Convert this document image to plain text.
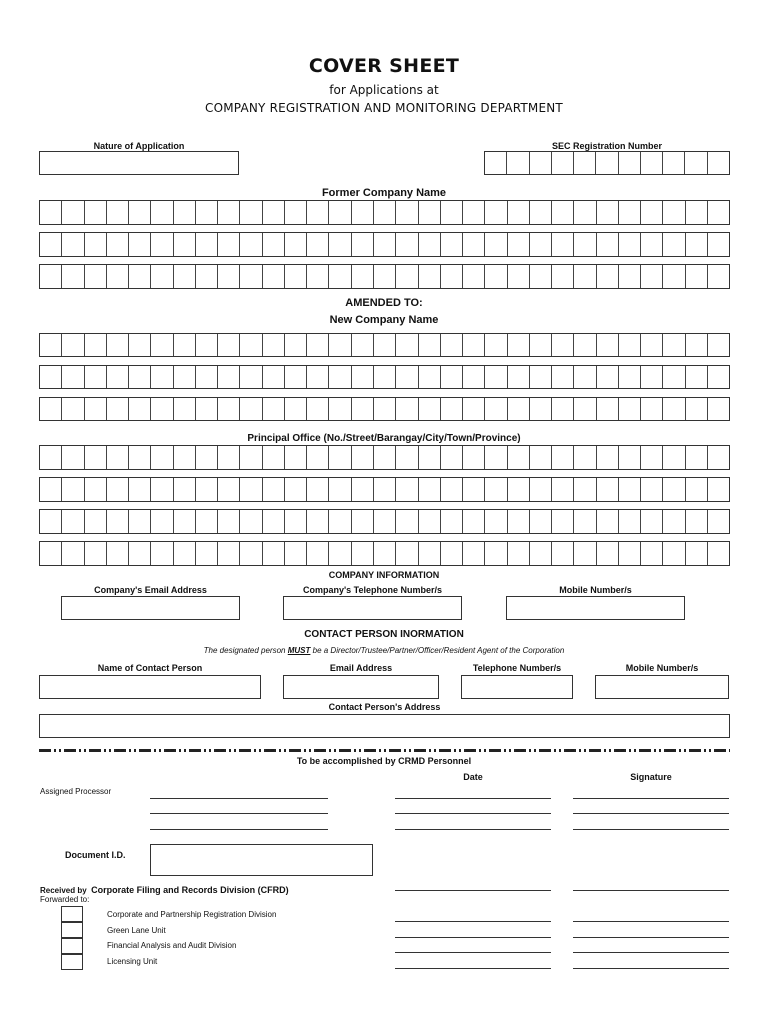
COVER SHEET
for Applications at
COMPANY REGISTRATION AND MONITORING DEPARTMENT
Nature of Application	SEC Registration Number
Former Company Name
AMENDED TO:
New Company Name
Principal Office (No./Street/Barangay/City/Town/Province)
COMPANY INFORMATION
Company's Email Address	Company's Telephone Number/s	Mobile Number/s
CONTACT PERSON INORMATION
The designated person MUST be a Director/Trustee/Partner/Officer/Resident Agent of the Corporation
Name of Contact Person	Email Address	Telephone Number/s	Mobile Number/s
Contact Person's Address
To be accomplished by CRMD Personnel
Date	Signature
Assigned Processor
Document I.D.
Received by Corporate Filing and Records Division (CFRD)
Forwarded to:
Corporate and Partnership Registration Division
Green Lane Unit
Financial Analysis and Audit Division
Licensing Unit
